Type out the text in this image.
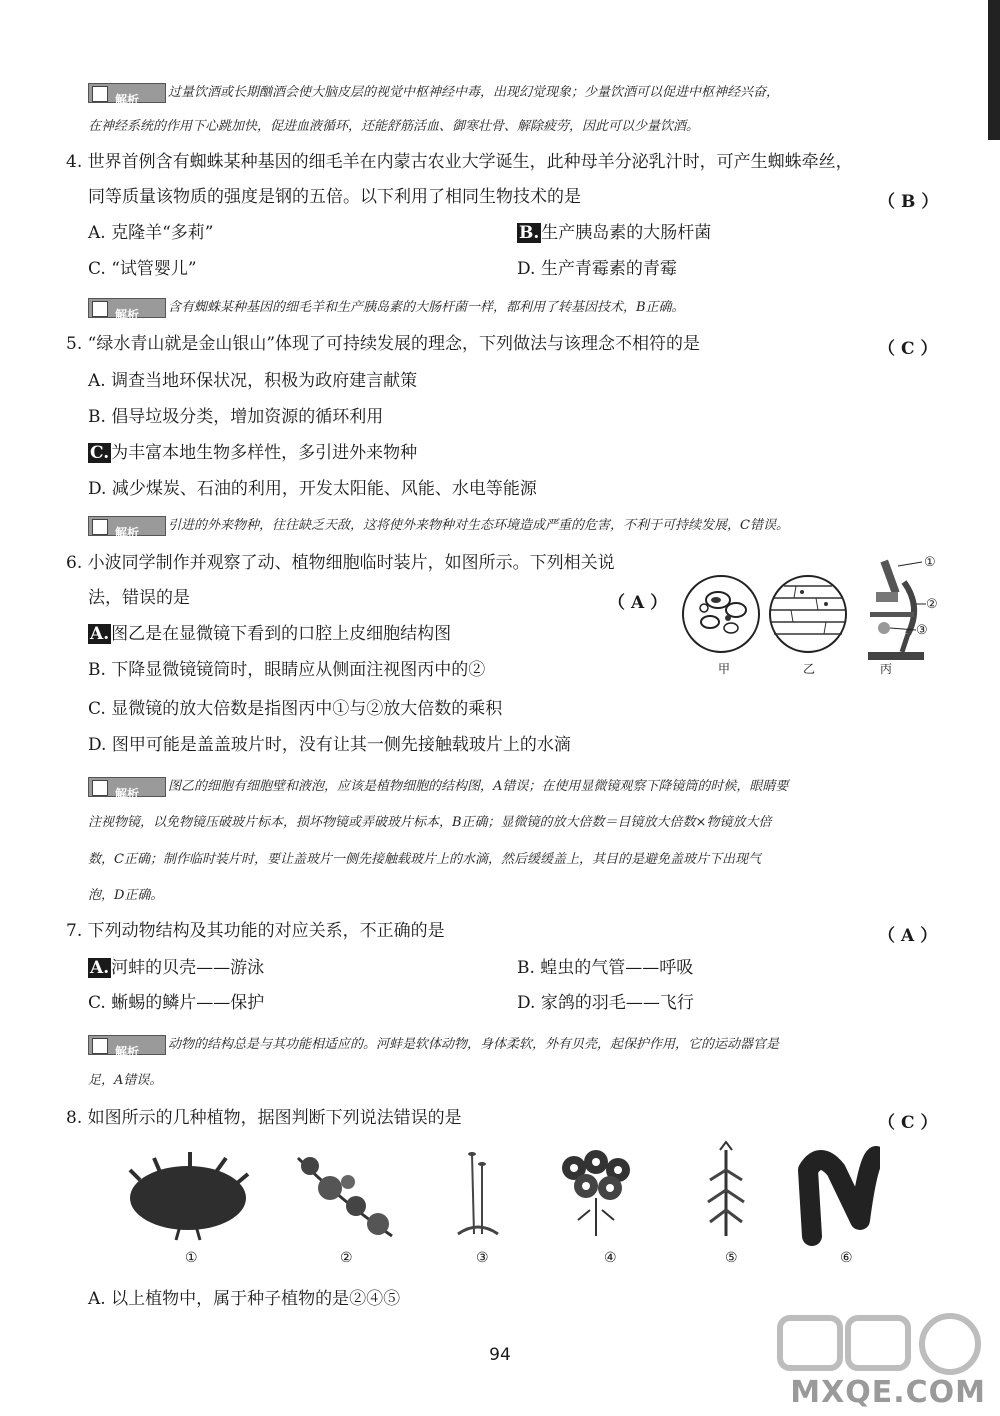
解析 过量饮酒或长期酗酒会使大脑皮层的视觉中枢神经中毒，出现幻觉现象；少量饮酒可以促进中枢神经兴奋，
在神经系统的作用下心跳加快，促进血液循环，还能舒筋活血、御寒壮骨、解除疲劳，因此可以少量饮酒。
4. 世界首例含有蜘蛛某种基因的细毛羊在内蒙古农业大学诞生，此种母羊分泌乳汁时，可产生蜘蛛牵丝，
同等质量该物质的强度是钢的五倍。以下利用了相同生物技术的是	（B）
A. 克隆羊“多莉”	B. 生产胰岛素的大肠杆菌
C. “试管婴儿”	D. 生产青霉素的青霉
解析 含有蜘蛛某种基因的细毛羊和生产胰岛素的大肠杆菌一样，都利用了转基因技术，B正确。
5. “绿水青山就是金山银山”体现了可持续发展的理念，下列做法与该理念不相符的是	（C）
A. 调查当地环保状况，积极为政府建言献策
B. 倡导垃圾分类，增加资源的循环利用
C. 为丰富本地生物多样性，多引进外来物种
D. 减少煤炭、石油的利用，开发太阳能、风能、水电等能源
解析 引进的外来物种，往往缺乏天敌，这将使外来物种对生态环境造成严重的危害，不利于可持续发展，C错误。
6. 小波同学制作并观察了动、植物细胞临时装片，如图所示。下列相关说
法，错误的是	（A）
A. 图乙是在显微镜下看到的口腔上皮细胞结构图
B. 下降显微镜镜筒时，眼睛应从侧面注视图丙中的②
C. 显微镜的放大倍数是指图丙中①与②放大倍数的乘积
D. 图甲可能是盖盖玻片时，没有让其一侧先接触载玻片上的水滴
①
②
③
甲	乙	丙
解析 图乙的细胞有细胞壁和液泡，应该是植物细胞的结构图，A错误；在使用显微镜观察下降镜筒的时候，眼睛要
注视物镜，以免物镜压破玻片标本，损坏物镜或弄破玻片标本，B正确；显微镜的放大倍数＝目镜放大倍数×物镜放大倍
数，C正确；制作临时装片时，要让盖玻片一侧先接触载玻片上的水滴，然后缓缓盖上，其目的是避免盖玻片下出现气
泡，D正确。
7. 下列动物结构及其功能的对应关系，不正确的是	（A）
A. 河蚌的贝壳——游泳	B. 蝗虫的气管——呼吸
C. 蜥蜴的鳞片——保护	D. 家鸽的羽毛——飞行
解析 动物的结构总是与其功能相适应的。河蚌是软体动物，身体柔软，外有贝壳，起保护作用，它的运动器官是
足，A错误。
8. 如图所示的几种植物，据图判断下列说法错误的是	（C）
①	②	③	④	⑤	⑥
A. 以上植物中，属于种子植物的是②④⑤
94
MXQE.COM
